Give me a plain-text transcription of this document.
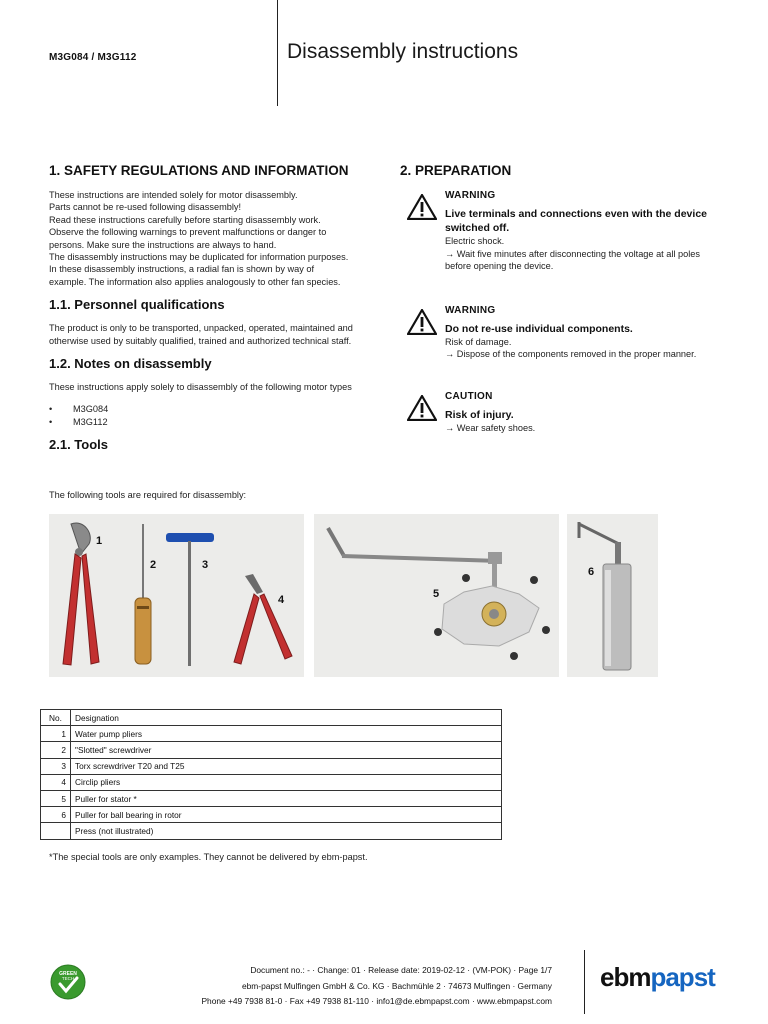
M3G084 / M3G112	Disassembly instructions
1. SAFETY REGULATIONS AND INFORMATION
These instructions are intended solely for motor disassembly.
Parts cannot be re-used following disassembly!
Read these instructions carefully before starting disassembly work.
Observe the following warnings to prevent malfunctions or danger to
persons. Make sure the instructions are always to hand.
The disassembly instructions may be duplicated for information purposes.
In these disassembly instructions, a radial fan is shown by way of
example. The information also applies analogously to other fan species.
1.1. Personnel qualifications
The product is only to be transported, unpacked, operated, maintained and
otherwise used by suitably qualified, trained and authorized technical staff.
1.2. Notes on disassembly
These instructions apply solely to disassembly of the following motor types
•	M3G084
•	M3G112
2. PREPARATION
WARNING
Live terminals and connections even with the device switched off.
Electric shock.
→ Wait five minutes after disconnecting the voltage at all poles
before opening the device.
WARNING
Do not re-use individual components.
Risk of damage.
→ Dispose of the components removed in the proper manner.
CAUTION
Risk of injury.
→ Wear safety shoes.
2.1. Tools
The following tools are required for disassembly:
1
2	3
4	5
6
No.	Designation
1	Water pump pliers
2	"Slotted" screwdriver
3	Torx screwdriver T20 and T25
4	Circlip pliers
5	Puller for stator *
6	Puller for ball bearing in rotor
	Press (not illustrated)
*The special tools are only examples. They cannot be delivered by ebm-papst.
GREEN
TECH
Document no.: - · Change: 01 · Release date: 2019-02-12 · (VM-POK) · Page 1/7
ebm-papst Mulfingen GmbH & Co. KG · Bachmühle 2 · 74673 Mulfingen · Germany
Phone +49 7938 81-0 · Fax +49 7938 81-110 · info1@de.ebmpapst.com · www.ebmpapst.com
ebmpapst
